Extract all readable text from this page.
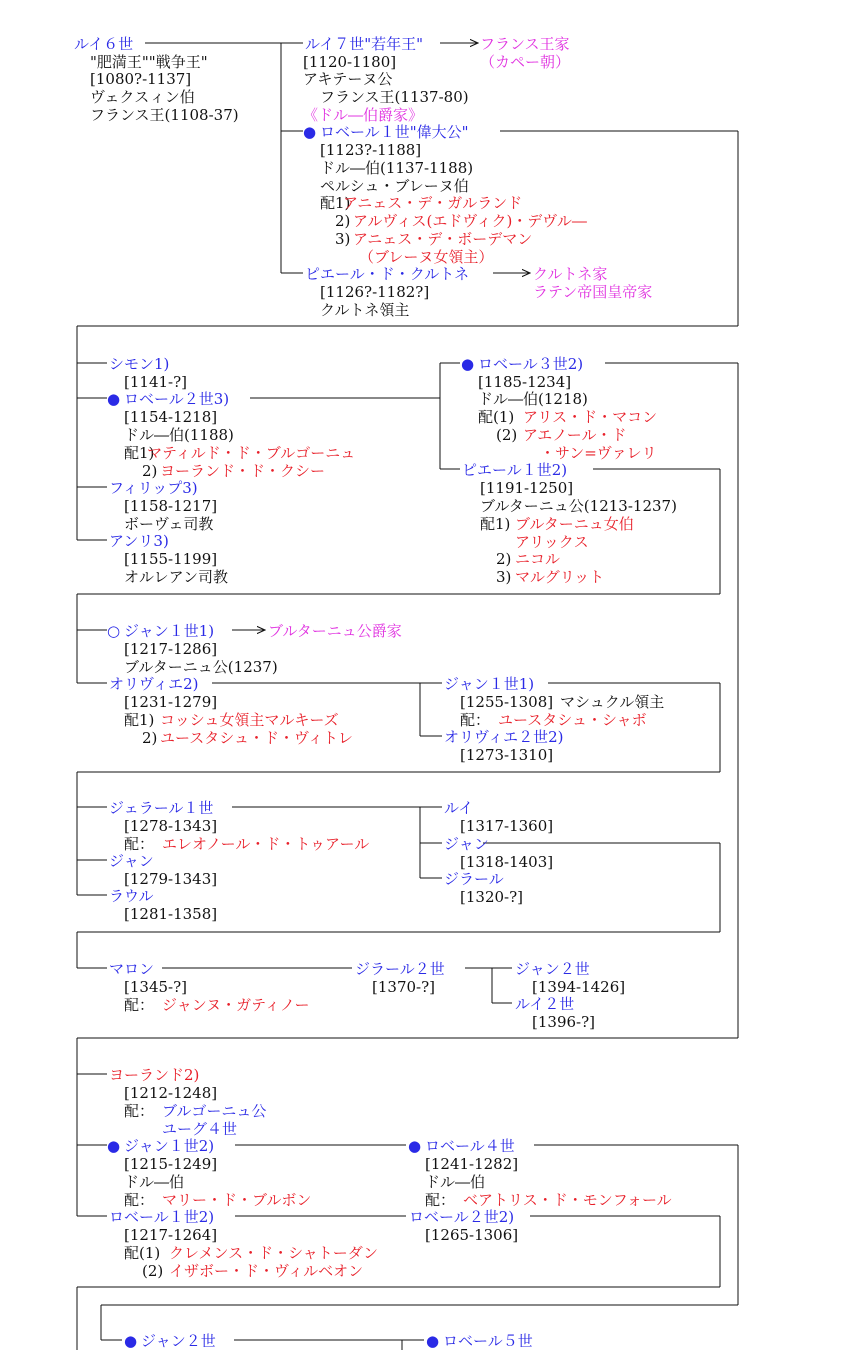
ルイ６世
"肥満王""戦争王"
[1080?-1137]
ヴェクスィン伯
フランス王(1108-37)
ルイ７世"若年王"	フランス王家
（カペー朝）
[1120-1180]
アキテーヌ公
フランス王(1137-80)
《ドル―伯爵家》
● ロベール１世"偉大公"
[1123?-1188]
ドル―伯(1137-1188)
ペルシュ・ブレーヌ伯
配1)
アニェス・デ・ガルランド
2) アルヴィス(エドヴィク)・デヴル―
3) アニェス・デ・ボーデマン
（ブレーヌ女領主）
ピエール・ド・クルトネ	クルトネ家
ラテン帝国皇帝家
[1126?-1182?]
クルトネ領主
シモン1)
[1141-?]
● ロベール２世3)
[1154-1218]
ドル―伯(1188)
配1)
マティルド・ド・ブルゴーニュ
2) ヨーランド・ド・クシー
フィリップ3)
[1158-1217]
ボーヴェ司教
アンリ3)
[1155-1199]
オルレアン司教
● ロベール３世2)
[1185-1234]
ドル―伯(1218)
配(1) アリス・ド・マコン
(2) アエノール・ド
・サン=ヴァレリ
ピエール１世2)
[1191-1250]
ブルターニュ公(1213-1237)
配1) ブルターニュ女伯
アリックス
2) ニコル
3) マルグリット
○ ジャン１世1)	ブルターニュ公爵家
[1217-1286]
ブルターニュ公(1237)
オリヴィエ2)
[1231-1279]
配1) コッシュ女領主マルキーズ
2) ユースタシュ・ド・ヴィトレ
ジャン１世1)
[1255-1308] マシュクル領主
配： ユースタシュ・シャボ
オリヴィエ２世2)
[1273-1310]
ジェラール１世
[1278-1343]
配： エレオノール・ド・トゥアール
ジャン
[1279-1343]
ラウル
[1281-1358]
ルイ
[1317-1360]
ジャン
[1318-1403]
ジラール
[1320-?]
マロン
[1345-?]
配： ジャンヌ・ガティノー
ジラール２世
[1370-?]
ジャン２世
[1394-1426]
ルイ２世
[1396-?]
ヨーランド2)
[1212-1248]
配： ブルゴーニュ公
ユーグ４世
● ジャン１世2)
[1215-1249]
ドル―伯
配： マリー・ド・ブルボン
ロベール１世2)
[1217-1264]
配(1) クレメンス・ド・シャトーダン
(2) イザボー・ド・ヴィルベオン
● ロベール４世
[1241-1282]
ドル―伯
配： ベアトリス・ド・モンフォール
ロベール２世2)
[1265-1306]
● ジャン２世	● ロベール５世
